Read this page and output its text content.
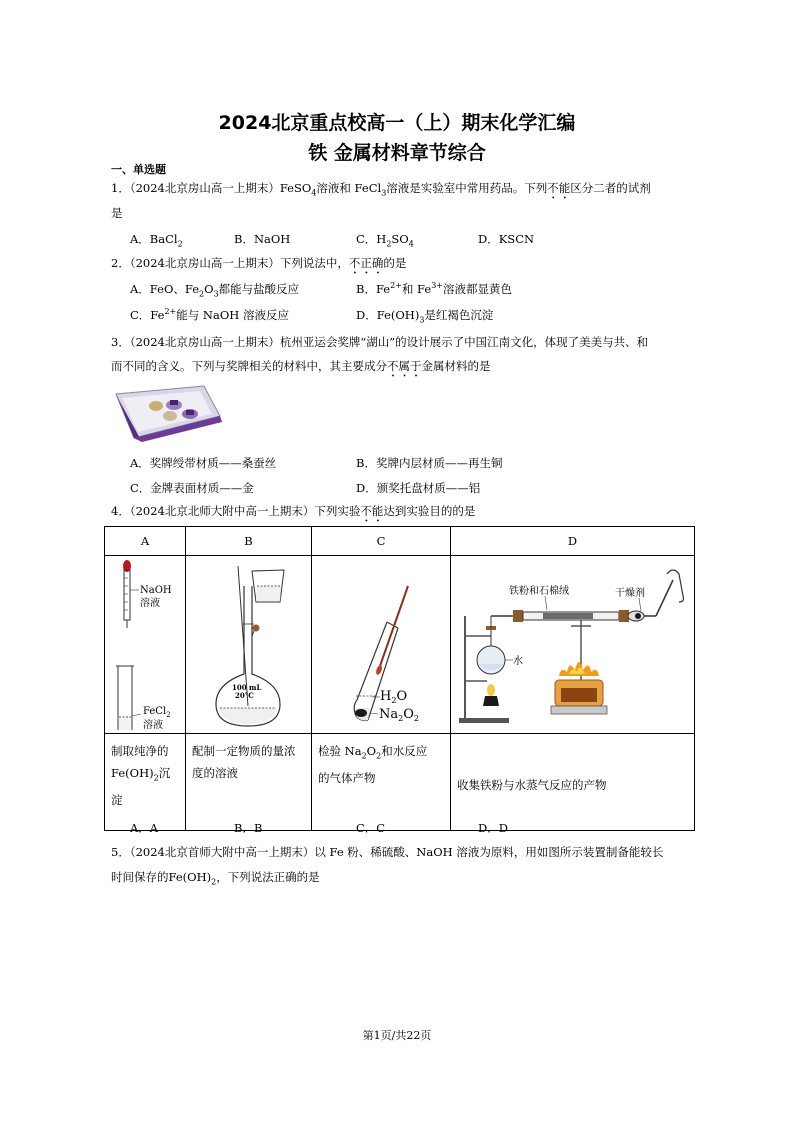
2024北京重点校高一（上）期末化学汇编
铁 金属材料章节综合
一、单选题
1．（2024北京房山高一上期末）FeSO$_4$溶液和 FeCl$_3$溶液是实验室中常用药品。下列不能区分二者的试剂
是
A．BaCl$_2$	B．NaOH	C．$H_2SO_4$	D．KSCN
2．（2024北京房山高一上期末）下列说法中，不正确的是
A．FeO、$Fe_2O_3$都能与盐酸反应	B．$Fe^{2+}$和 $Fe^{3+}$溶液都显黄色
C．$Fe^{2+}$能与 NaOH 溶液反应	D．$Fe(OH)_3$是红褐色沉淀
3．（2024北京房山高一上期末）杭州亚运会奖牌“湖山”的设计展示了中国江南文化，体现了美美与共、和
而不同的含义。下列与奖牌相关的材料中，其主要成分不属于金属材料的是
A．奖牌绶带材质——桑蚕丝	B．奖牌内层材质——再生铜
C．金牌表面材质——金	D．颁奖托盘材质——铝
4．（2024北京北师大附中高一上期末）下列实验不能达到实验目的的是
A	B	C	D

NaOH
溶液
FeCl$_2$
溶液	100 mL
20°C	$H_2O$
$Na_2O_2$	水
铁粉和石棉绒 干燥剂

制取纯净的
$Fe(OH)_2$沉
淀	配制一定物质的量浓度的溶液	检验 $Na_2O_2$和水反应
的气体产物	收集铁粉与水蒸气反应的产物
A．A	B．B	C．C	D．D
5．（2024北京首师大附中高一上期末）以 Fe 粉、稀硫酸、NaOH 溶液为原料，用如图所示装置制备能较长
时间保存的$Fe(OH)_2$，下列说法正确的是
第1页/共22页
